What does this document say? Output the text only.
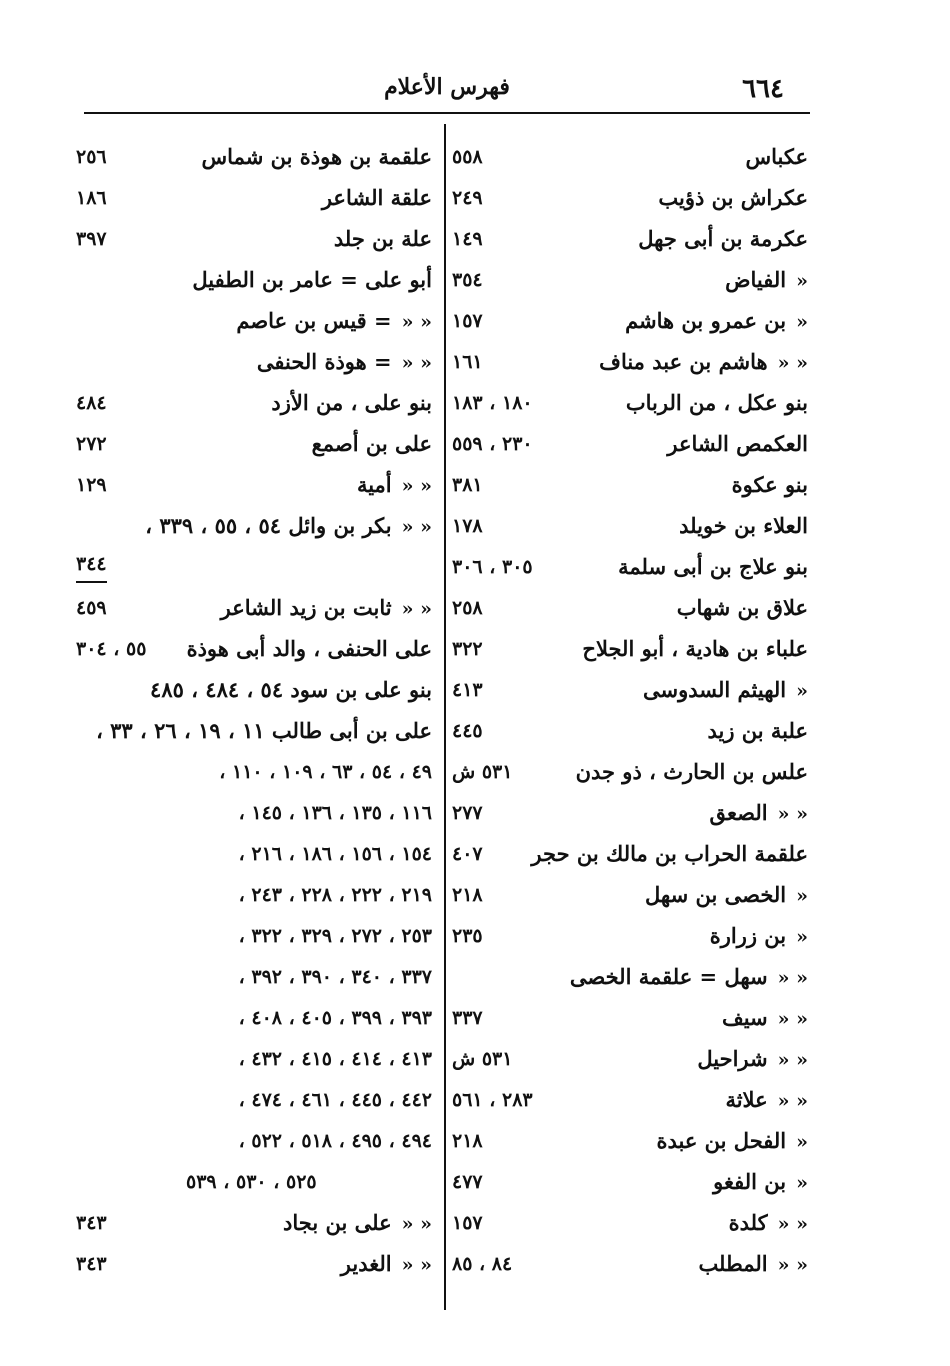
٦٦٤
فهرس الأعلام
عكباس
٥٥٨
عكراش بن ذؤيب
٢٤٩
عكرمة بن أبى جهل
١٤٩
«الفياض
٣٥٤
«بن عمرو بن هاشم
١٥٧
« «هاشم بن عبد مناف
١٦١
بنو عكل ، من الرباب
١٨٠ ، ١٨٣
العكمص الشاعر
٢٣٠ ، ٥٥٩
بنو عكوة
٣٨١
العلاء بن خويلد
١٧٨
بنو علاج بن أبى سلمة
٣٠٥ ، ٣٠٦
علاق بن شهاب
٢٥٨
علباء بن هادية ، أبو الجلاح
٣٢٢
«الهيثم السدوسى
٤١٣
علبة بن زيد
٤٤٥
علس بن الحارث ، ذو جدن
٥٣١ ش
« «الصعق
٢٧٧
علقمة الحراب بن مالك بن حجر
٤٠٧
«الخصى بن سهل
٢١٨
«بن زرارة
٢٣٥
« «سهل = علقمة الخصى
« «سيف
٣٣٧
« «شراحيل
٥٣١ ش
« «علاثة
٢٨٣ ، ٥٦١
«الفحل بن عبدة
٢١٨
«بن الفغو
٤٧٧
« «كلدة
١٥٧
« «المطلب
٨٤ ، ٨٥
علقمة بن هوذة بن شماس
٢٥٦
علقة الشاعر
١٨٦
علة بن جلد
٣٩٧
أبو على = عامر بن الطفيل
« «= قيس بن عاصم
« «= هوذة الحنفى
بنو على ، من الأزد
٤٨٤
على بن أصمع
٢٧٢
« «أمية
١٢٩
« «بكر بن وائل ٥٤ ، ٥٥ ، ٣٣٩ ،
٣٤٤
« «ثابت بن زيد الشاعر
٤٥٩
على الحنفى ، والد أبى هوذة
٥٥ ، ٣٠٤
بنو على بن سود ٥٤ ، ٤٨٤ ، ٤٨٥
على بن أبى طالب ١١ ، ١٩ ، ٢٦ ، ٣٣ ،
٤٩ ، ٥٤ ، ٦٣ ، ١٠٩ ، ١١٠ ،
١١٦ ، ١٣٥ ، ١٣٦ ، ١٤٥ ،
١٥٤ ، ١٥٦ ، ١٨٦ ، ٢١٦ ،
٢١٩ ، ٢٢٢ ، ٢٢٨ ، ٢٤٣ ،
٢٥٣ ، ٢٧٢ ، ٣٢٩ ، ٣٢٢ ،
٣٣٧ ، ٣٤٠ ، ٣٩٠ ، ٣٩٢ ،
٣٩٣ ، ٣٩٩ ، ٤٠٥ ، ٤٠٨ ،
٤١٣ ، ٤١٤ ، ٤١٥ ، ٤٣٢ ،
٤٤٢ ، ٤٤٥ ، ٤٦١ ، ٤٧٤ ،
٤٩٤ ، ٤٩٥ ، ٥١٨ ، ٥٢٢ ،
٥٢٥ ، ٥٣٠ ، ٥٣٩
« «على بن بجاد
٣٤٣
« «الغدير
٣٤٣
